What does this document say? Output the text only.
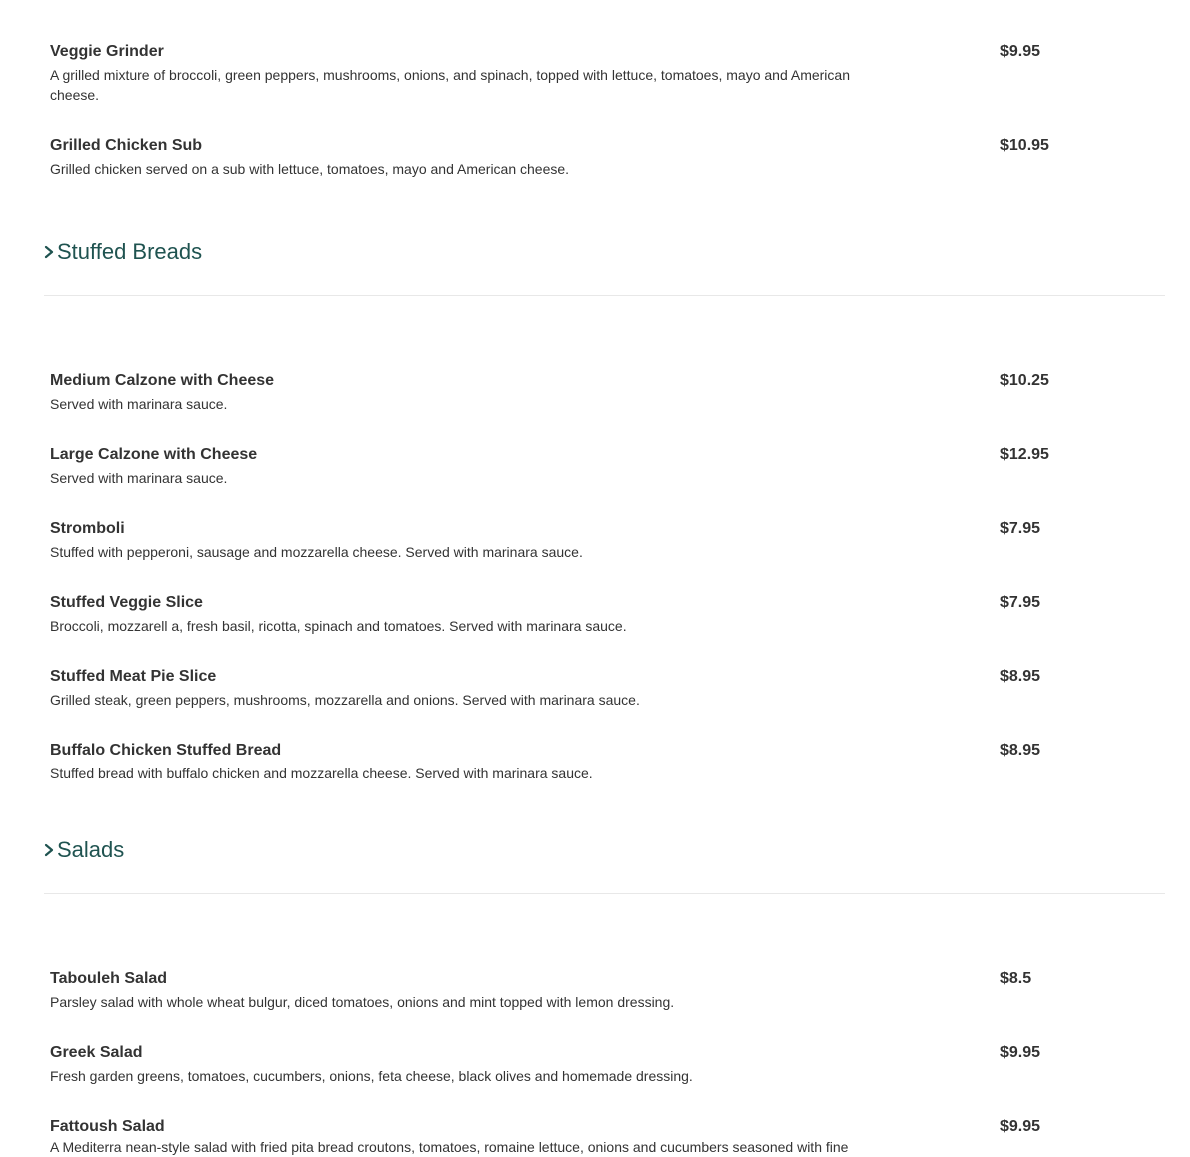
Veggie Grinder
A grilled mixture of broccoli, green peppers, mushrooms, onions, and spinach, topped with lettuce, tomatoes, mayo and American cheese.
$9.95
Grilled Chicken Sub
Grilled chicken served on a sub with lettuce, tomatoes, mayo and American cheese.
$10.95
Stuffed Breads
Medium Calzone with Cheese
Served with marinara sauce.
$10.25
Large Calzone with Cheese
Served with marinara sauce.
$12.95
Stromboli
Stuffed with pepperoni, sausage and mozzarella cheese. Served with marinara sauce.
$7.95
Stuffed Veggie Slice
Broccoli, mozzarell a, fresh basil, ricotta, spinach and tomatoes. Served with marinara sauce.
$7.95
Stuffed Meat Pie Slice
Grilled steak, green peppers, mushrooms, mozzarella and onions. Served with marinara sauce.
$8.95
Buffalo Chicken Stuffed Bread
Stuffed bread with buffalo chicken and mozzarella cheese. Served with marinara sauce.
$8.95
Salads
Tabouleh Salad
Parsley salad with whole wheat bulgur, diced tomatoes, onions and mint topped with lemon dressing.
$8.5
Greek Salad
Fresh garden greens, tomatoes, cucumbers, onions, feta cheese, black olives and homemade dressing.
$9.95
Fattoush Salad
A Mediterra nean-style salad with fried pita bread croutons, tomatoes, romaine lettuce, onions and cucumbers seasoned with fine
$9.95
